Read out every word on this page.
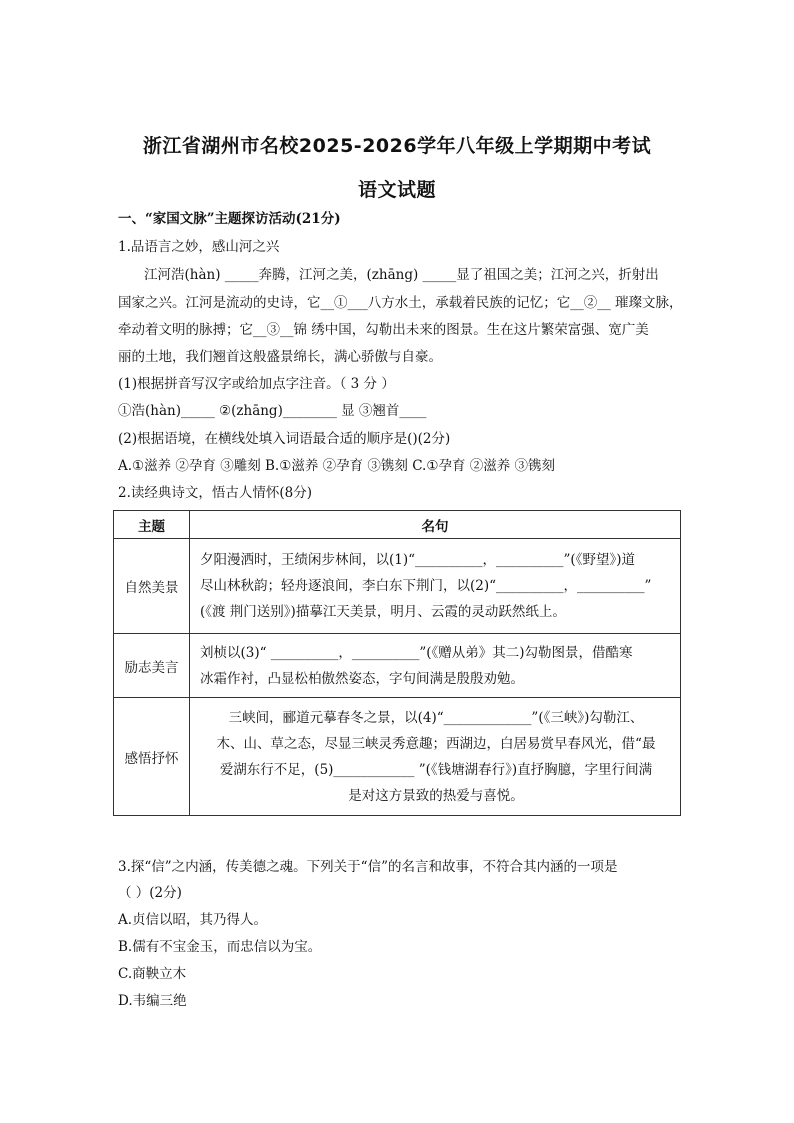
浙江省湖州市名校2025-2026学年八年级上学期期中考试
语文试题
一、“家国文脉”主题探访活动(21分)
1.品语言之妙，感山河之兴
江河浩(hàn) _____奔腾，江河之美，(zhāng) _____显了祖国之美；江河之兴，折射出
国家之兴。江河是流动的史诗，它__①___八方水土，承载着民族的记忆；它__②__ 璀璨文脉，
牵动着文明的脉搏；它__③__锦 绣中国，勾勒出未来的图景。生在这片繁荣富强、宽广美
丽的土地，我们翘首这般盛景绵长，满心骄傲与自豪。
(1)根据拼音写汉字或给加点字注音。（ 3 分 ）
①浩(hàn)_____ ②(zhāng)________ 显 ③翘首____
(2)根据语境，在横线处填入词语最合适的顺序是()(2分)
A.①滋养 ②孕育 ③雕刻 B.①滋养 ②孕育 ③镌刻 C.①孕育 ②滋养 ③镌刻
2.读经典诗文，悟古人情怀(8分)
主题	名句
自然美景	夕阳漫洒时，王绩闲步林间，以(1)“__________，__________”(《野望》)道
尽山林秋韵；轻舟逐浪间，李白东下荆门，以(2)“__________，__________”
(《渡 荆门送别》)描摹江天美景，明月、云霞的灵动跃然纸上。

励志美言	刘桢以(3)“ __________，__________”(《赠从弟》其二)勾勒图景，借酷寒
冰霜作衬，凸显松柏傲然姿态，字句间满是殷殷劝勉。

感悟抒怀	三峡间，郦道元摹春冬之景，以(4)“_____________”(《三峡》)勾勒江、
木、山、草之态，尽显三峡灵秀意趣；西湖边，白居易赏早春风光，借“最
爱湖东行不足，(5)____________ ”(《钱塘湖春行》)直抒胸臆，字里行间满
是对这方景致的热爱与喜悦。
3.探“信”之内涵，传美德之魂。下列关于“信”的名言和故事，不符合其内涵的一项是
（ ）(2分)
A.贞信以昭，其乃得人。
B.儒有不宝金玉，而忠信以为宝。
C.商鞅立木
D.韦编三绝
